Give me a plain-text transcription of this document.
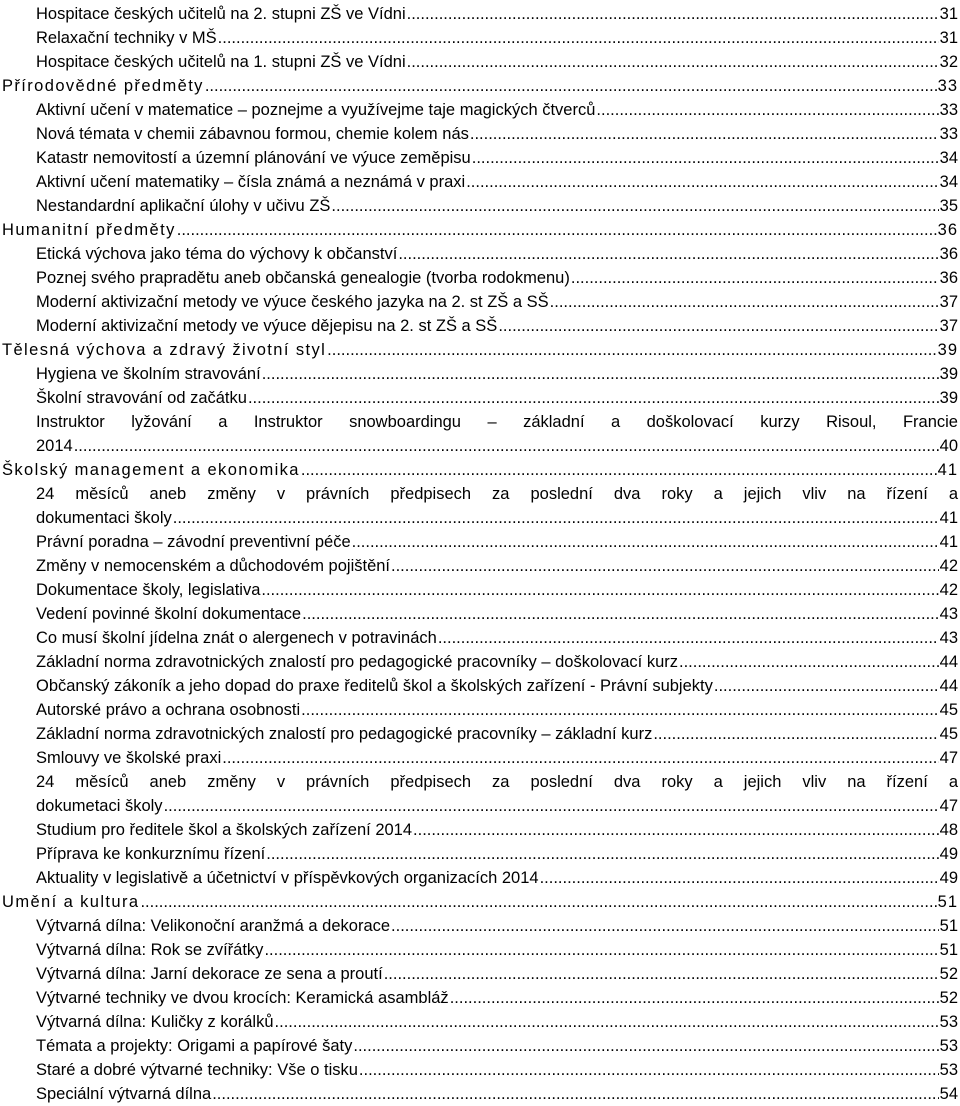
Hospitace českých učitelů na 2. stupni ZŠ ve Vídni .....	31
Relaxační techniky v MŠ .....	31
Hospitace českých učitelů na 1. stupni ZŠ ve Vídni .....	32
Přírodovědné předměty .....	33
Aktivní učení v matematice – poznejme a využívejme taje magických čtverců .....	33
Nová témata v chemii zábavnou formou, chemie kolem nás .....	33
Katastr nemovitostí a územní plánování ve výuce zeměpisu .....	34
Aktivní učení matematiky – čísla známá a neznámá v praxi .....	34
Nestandardní aplikační úlohy v učivu ZŠ .....	35
Humanitní předměty .....	36
Etická výchova jako téma do výchovy k občanství .....	36
Poznej svého prapradětu aneb občanská genealogie (tvorba rodokmenu) .....	36
Moderní aktivizační metody ve výuce českého jazyka na 2. st ZŠ a SŠ .....	37
Moderní aktivizační metody ve výuce dějepisu na 2. st ZŠ a SŠ .....	37
Tělesná výchova a zdravý životní styl .....	39
Hygiena ve školním stravování .....	39
Školní stravování od začátku .....	39
Instruktor lyžování a Instruktor snowboardingu – základní a doškolovací kurzy Risoul, Francie
2014 .....	40
Školský management a ekonomika .....	41
24 měsíců aneb změny v právních předpisech za poslední dva roky a jejich vliv na řízení a
dokumentaci školy .....	41
Právní poradna – závodní preventivní péče .....	41
Změny v nemocenském a důchodovém pojištění .....	42
Dokumentace školy, legislativa .....	42
Vedení povinné školní dokumentace .....	43
Co musí školní jídelna znát o alergenech v potravinách .....	43
Základní norma zdravotnických znalostí pro pedagogické pracovníky – doškolovací kurz .....	44
Občanský zákoník a jeho dopad do praxe ředitelů škol a školských zařízení - Právní subjekty .....	44
Autorské právo a ochrana osobnosti .....	45
Základní norma zdravotnických znalostí pro pedagogické pracovníky – základní kurz .....	45
Smlouvy ve školské praxi .....	47
24 měsíců aneb změny v právních předpisech za poslední dva roky a jejich vliv na řízení a
dokumetaci školy .....	47
Studium pro ředitele škol a školských zařízení 2014 .....	48
Příprava ke konkurznímu řízení .....	49
Aktuality v legislativě a účetnictví v příspěvkových organizacích 2014 .....	49
Umění a kultura .....	51
Výtvarná dílna: Velikonoční aranžmá a dekorace .....	51
Výtvarná dílna: Rok se zvířátky .....	51
Výtvarná dílna: Jarní dekorace ze sena a proutí .....	52
Výtvarné techniky ve dvou krocích: Keramická asambláž .....	52
Výtvarná dílna: Kuličky z korálků .....	53
Témata a projekty: Origami a papírové šaty .....	53
Staré a dobré výtvarné techniky: Vše o tisku .....	53
Speciální výtvarná dílna .....	54
